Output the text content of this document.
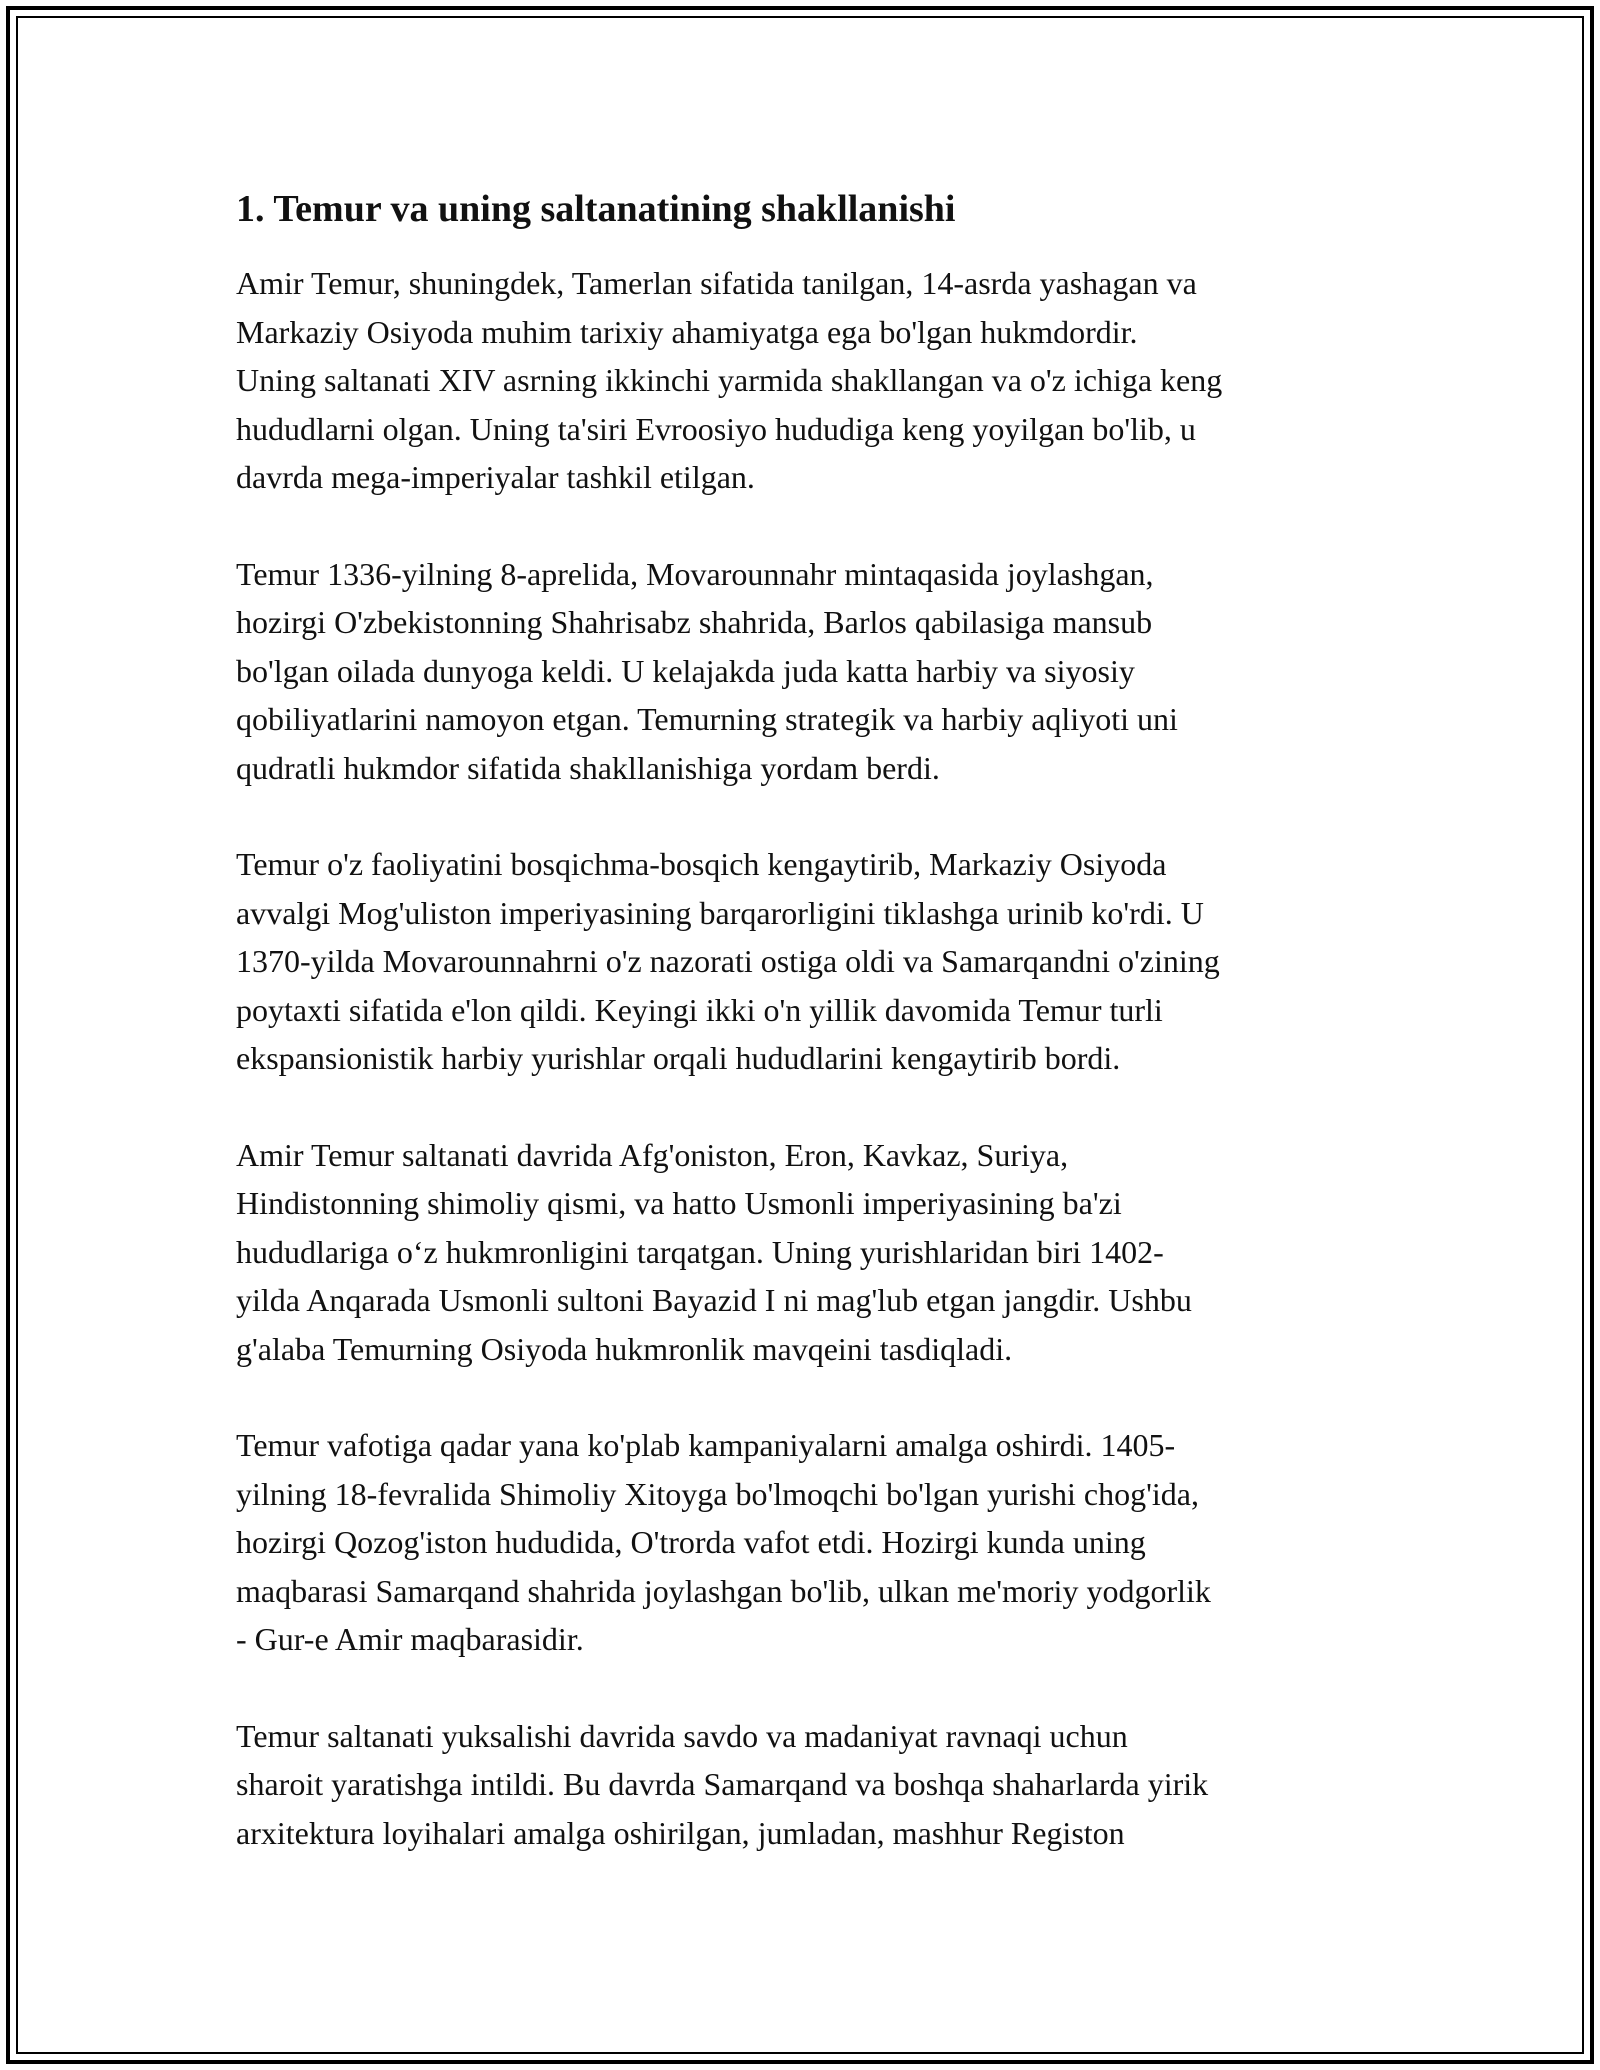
1. Temur va uning saltanatining shakllanishi

Amir Temur, shuningdek, Tamerlan sifatida tanilgan, 14-asrda yashagan va
Markaziy Osiyoda muhim tarixiy ahamiyatga ega bo'lgan hukmdordir.
Uning saltanati XIV asrning ikkinchi yarmida shakllangan va o'z ichiga keng
hududlarni olgan. Uning ta'siri Evroosiyo hududiga keng yoyilgan bo'lib, u
davrda mega-imperiyalar tashkil etilgan.

Temur 1336-yilning 8-aprelida, Movarounnahr mintaqasida joylashgan,
hozirgi O'zbekistonning Shahrisabz shahrida, Barlos qabilasiga mansub
bo'lgan oilada dunyoga keldi. U kelajakda juda katta harbiy va siyosiy
qobiliyatlarini namoyon etgan. Temurning strategik va harbiy aqliyoti uni
qudratli hukmdor sifatida shakllanishiga yordam berdi.

Temur o'z faoliyatini bosqichma-bosqich kengaytirib, Markaziy Osiyoda
avvalgi Mog'uliston imperiyasining barqarorligini tiklashga urinib ko'rdi. U
1370-yilda Movarounnahrni o'z nazorati ostiga oldi va Samarqandni o'zining
poytaxti sifatida e'lon qildi. Keyingi ikki o'n yillik davomida Temur turli
ekspansionistik harbiy yurishlar orqali hududlarini kengaytirib bordi.

Amir Temur saltanati davrida Afg'oniston, Eron, Kavkaz, Suriya,
Hindistonning shimoliy qismi, va hatto Usmonli imperiyasining ba'zi
hududlariga o‘z hukmronligini tarqatgan. Uning yurishlaridan biri 1402-
yilda Anqarada Usmonli sultoni Bayazid I ni mag'lub etgan jangdir. Ushbu
g'alaba Temurning Osiyoda hukmronlik mavqeini tasdiqladi.

Temur vafotiga qadar yana ko'plab kampaniyalarni amalga oshirdi. 1405-
yilning 18-fevralida Shimoliy Xitoyga bo'lmoqchi bo'lgan yurishi chog'ida,
hozirgi Qozog'iston hududida, O'trorda vafot etdi. Hozirgi kunda uning
maqbarasi Samarqand shahrida joylashgan bo'lib, ulkan me'moriy yodgorlik
- Gur-e Amir maqbarasidir.

Temur saltanati yuksalishi davrida savdo va madaniyat ravnaqi uchun
sharoit yaratishga intildi. Bu davrda Samarqand va boshqa shaharlarda yirik
arxitektura loyihalari amalga oshirilgan, jumladan, mashhur Registon
